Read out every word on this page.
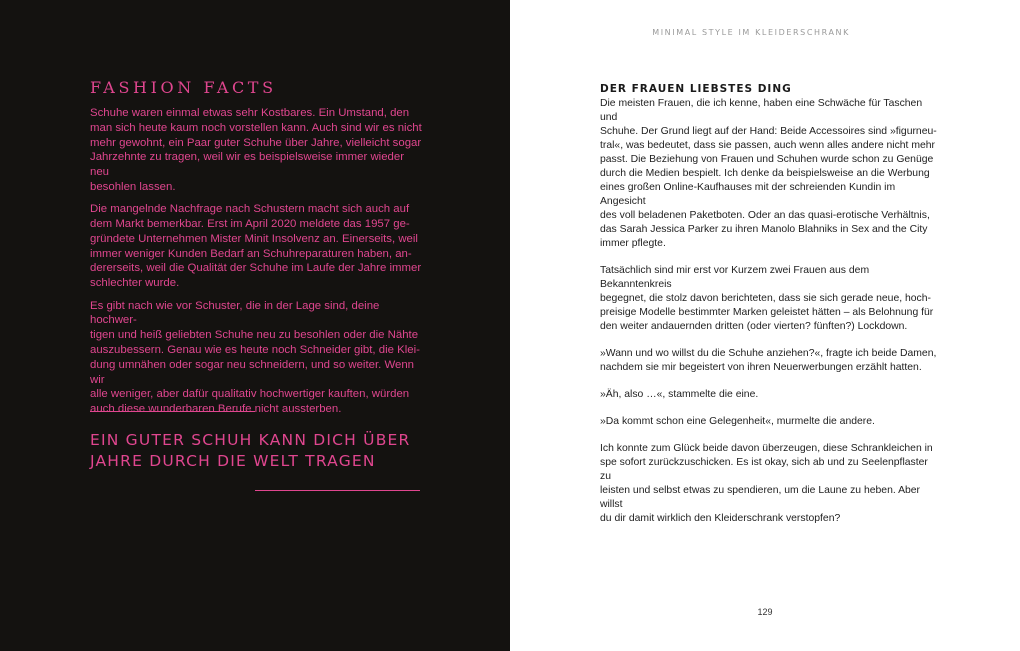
FASHION FACTS

Schuhe waren einmal etwas sehr Kostbares. Ein Umstand, den
man sich heute kaum noch vorstellen kann. Auch sind wir es nicht
mehr gewohnt, ein Paar guter Schuhe über Jahre, vielleicht sogar
Jahrzehnte zu tragen, weil wir es beispielsweise immer wieder neu
besohlen lassen.

Die mangelnde Nachfrage nach Schustern macht sich auch auf
dem Markt bemerkbar. Erst im April 2020 meldete das 1957 ge-
gründete Unternehmen Mister Minit Insolvenz an. Einerseits, weil
immer weniger Kunden Bedarf an Schuhreparaturen haben, an-
dererseits, weil die Qualität der Schuhe im Laufe der Jahre immer
schlechter wurde.

Es gibt nach wie vor Schuster, die in der Lage sind, deine hochwer-
tigen und heiß geliebten Schuhe neu zu besohlen oder die Nähte
auszubessern. Genau wie es heute noch Schneider gibt, die Klei-
dung umnähen oder sogar neu schneidern, und so weiter. Wenn wir
alle weniger, aber dafür qualitativ hochwertiger kauften, würden
auch diese wunderbaren Berufe nicht aussterben.

EIN GUTER SCHUH KANN DICH ÜBER
JAHRE DURCH DIE WELT TRAGEN
MINIMAL STYLE IM KLEIDERSCHRANK
DER FRAUEN LIEBSTES DING

Die meisten Frauen, die ich kenne, haben eine Schwäche für Taschen und
Schuhe. Der Grund liegt auf der Hand: Beide Accessoires sind »figurneu-
tral«, was bedeutet, dass sie passen, auch wenn alles andere nicht mehr
passt. Die Beziehung von Frauen und Schuhen wurde schon zu Genüge
durch die Medien bespielt. Ich denke da beispielsweise an die Werbung
eines großen Online-Kaufhauses mit der schreienden Kundin im Angesicht
des voll beladenen Paketboten. Oder an das quasi-erotische Verhältnis,
das Sarah Jessica Parker zu ihren Manolo Blahniks in Sex and the City
immer pflegte.

Tatsächlich sind mir erst vor Kurzem zwei Frauen aus dem Bekanntenkreis
begegnet, die stolz davon berichteten, dass sie sich gerade neue, hoch-
preisige Modelle bestimmter Marken geleistet hätten – als Belohnung für
den weiter andauernden dritten (oder vierten? fünften?) Lockdown.

»Wann und wo willst du die Schuhe anziehen?«, fragte ich beide Damen,
nachdem sie mir begeistert von ihren Neuerwerbungen erzählt hatten.

»Äh, also …«, stammelte die eine.

»Da kommt schon eine Gelegenheit«, murmelte die andere.

Ich konnte zum Glück beide davon überzeugen, diese Schrankleichen in
spe sofort zurückzuschicken. Es ist okay, sich ab und zu Seelenpflaster zu
leisten und selbst etwas zu spendieren, um die Laune zu heben. Aber willst
du dir damit wirklich den Kleiderschrank verstopfen?

129
